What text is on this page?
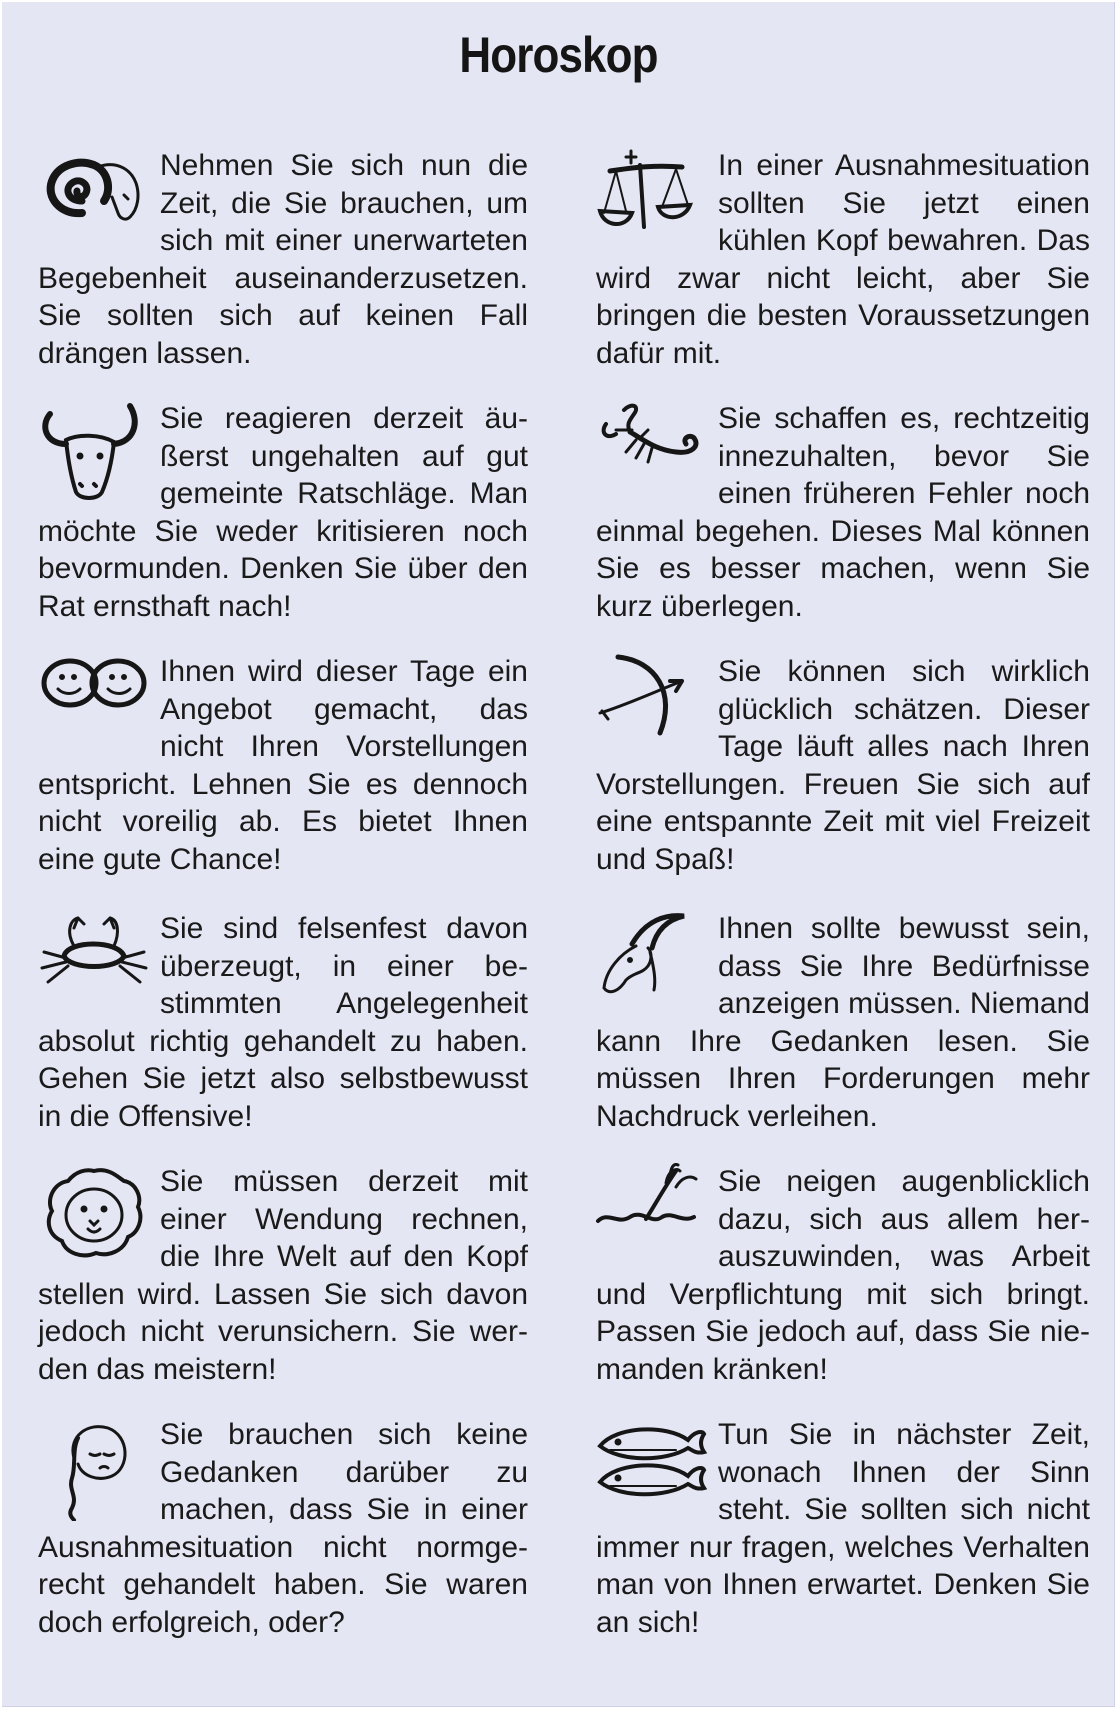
Horoskop
Nehmen Sie sich nun die Zeit, die Sie brauchen, um sich mit einer unerwarteten Begebenheit auseinanderzusetzen. Sie sollten sich auf keinen Fall drängen lassen.
Sie reagieren derzeit äußerst ungehalten auf gut gemeinte Ratschläge. Man möchte Sie weder kritisieren noch bevormunden. Denken Sie über den Rat ernsthaft nach!
Ihnen wird dieser Tage ein Angebot gemacht, das nicht Ihren Vorstellungen entspricht. Lehnen Sie es dennoch nicht voreilig ab. Es bietet Ihnen eine gute Chance!
Sie sind felsenfest davon überzeugt, in einer bestimmten Angelegenheit absolut richtig gehandelt zu haben. Gehen Sie jetzt also selbstbewusst in die Offensive!
Sie müssen derzeit mit einer Wendung rechnen, die Ihre Welt auf den Kopf stellen wird. Lassen Sie sich davon jedoch nicht verunsichern. Sie werden das meistern!
Sie brauchen sich keine Gedanken darüber zu machen, dass Sie in einer Ausnahmesituation nicht normgerecht gehandelt haben. Sie waren doch erfolgreich, oder?
In einer Ausnahmesituation sollten Sie jetzt einen kühlen Kopf bewahren. Das wird zwar nicht leicht, aber Sie bringen die besten Voraussetzungen dafür mit.
Sie schaffen es, rechtzeitig innezuhalten, bevor Sie einen früheren Fehler noch einmal begehen. Dieses Mal können Sie es besser machen, wenn Sie kurz überlegen.
Sie können sich wirklich glücklich schätzen. Dieser Tage läuft alles nach Ihren Vorstellungen. Freuen Sie sich auf eine entspannte Zeit mit viel Freizeit und Spaß!
Ihnen sollte bewusst sein, dass Sie Ihre Bedürfnisse anzeigen müssen. Niemand kann Ihre Gedanken lesen. Sie müssen Ihren Forderungen mehr Nachdruck verleihen.
Sie neigen augenblicklich dazu, sich aus allem herauszuwinden, was Arbeit und Verpflichtung mit sich bringt. Passen Sie jedoch auf, dass Sie niemanden kränken!
Tun Sie in nächster Zeit, wonach Ihnen der Sinn steht. Sie sollten sich nicht immer nur fragen, welches Verhalten man von Ihnen erwartet. Denken Sie an sich!
